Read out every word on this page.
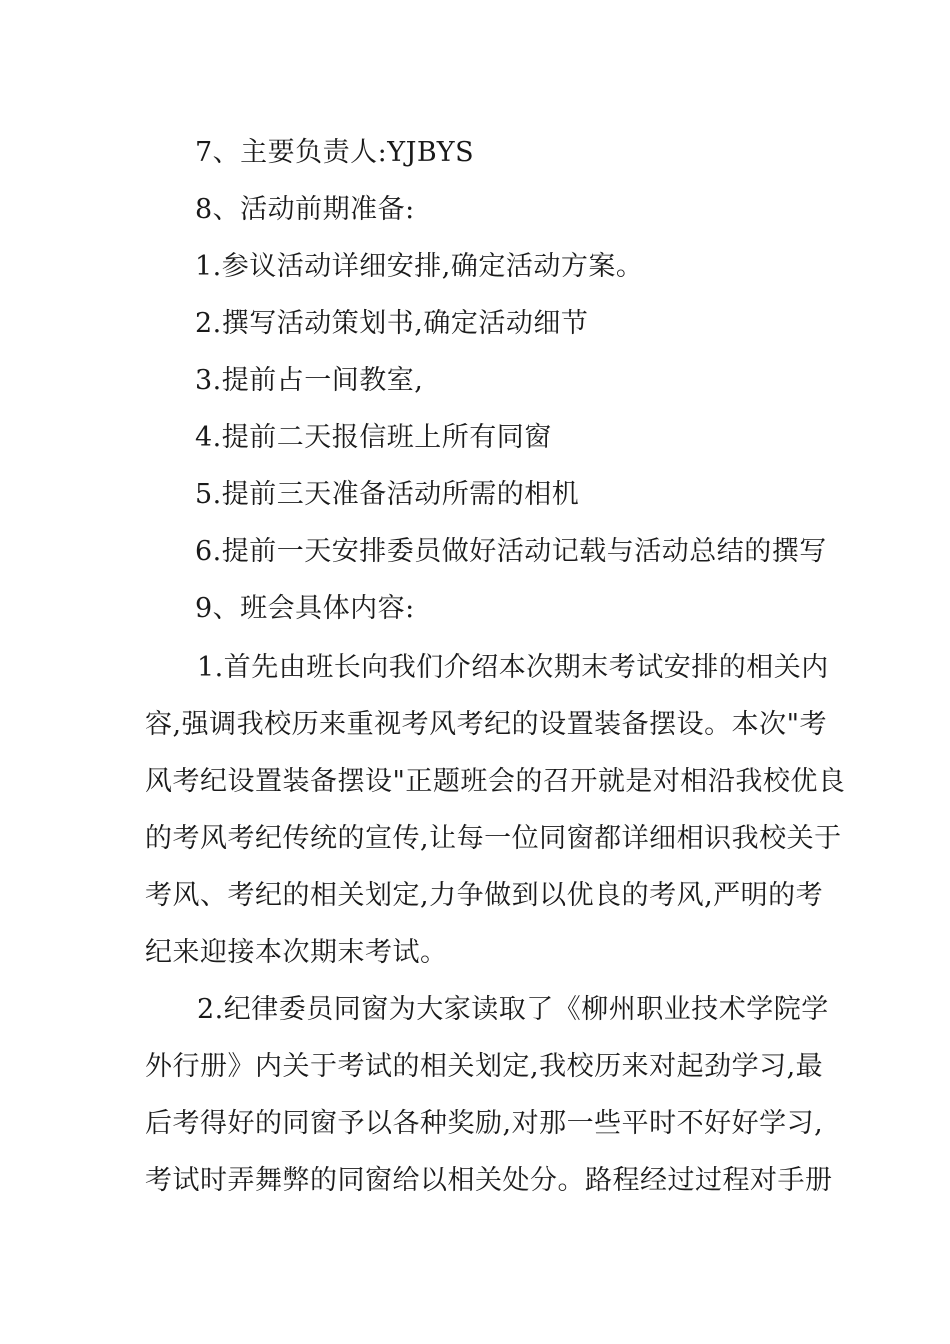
7、主要负责人:YJBYS
8、活动前期准备:
1.参议活动详细安排,确定活动方案。
2.撰写活动策划书,确定活动细节
3.提前占一间教室,
4.提前二天报信班上所有同窗
5.提前三天准备活动所需的相机
6.提前一天安排委员做好活动记载与活动总结的撰写
9、班会具体内容:
1.首先由班长向我们介绍本次期末考试安排的相关内
容,强调我校历来重视考风考纪的设置装备摆设。本次"考
风考纪设置装备摆设"正题班会的召开就是对相沿我校优良
的考风考纪传统的宣传,让每一位同窗都详细相识我校关于
考风、考纪的相关划定,力争做到以优良的考风,严明的考
纪来迎接本次期末考试。
2.纪律委员同窗为大家读取了《柳州职业技术学院学
外行册》内关于考试的相关划定,我校历来对起劲学习,最
后考得好的同窗予以各种奖励,对那一些平时不好好学习,
考试时弄舞弊的同窗给以相关处分。路程经过过程对手册
